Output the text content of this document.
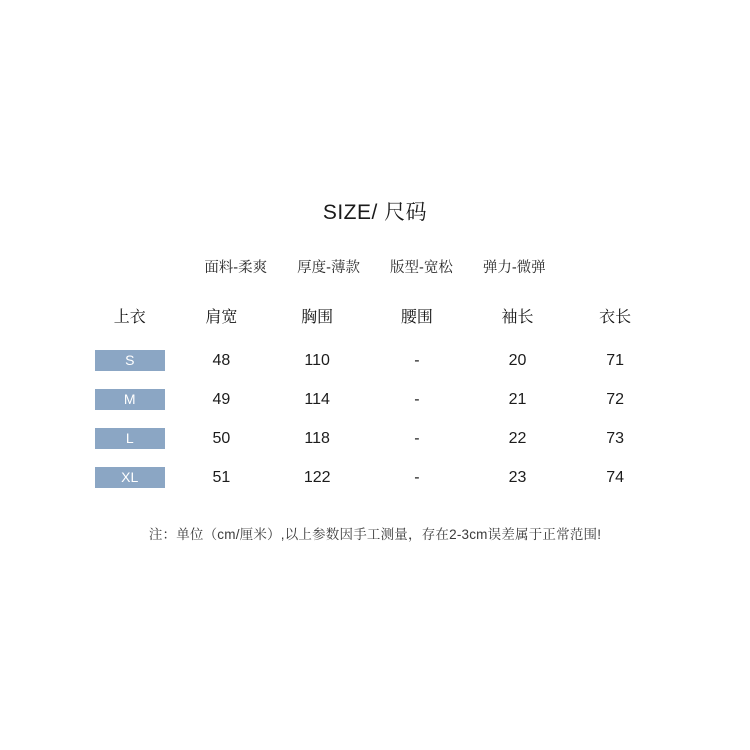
SIZE/ 尺码
面料-柔爽 厚度-薄款 版型-宽松 弹力-微弹
上衣	肩宽	胸围	腰围	袖长	衣长

S	48	110	-	20	71

M	49	114	-	21	72

L	50	118	-	22	73

XL	51	122	-	23	74
注：单位（cm/厘米）,以上参数因手工测量，存在2-3cm误差属于正常范围!
